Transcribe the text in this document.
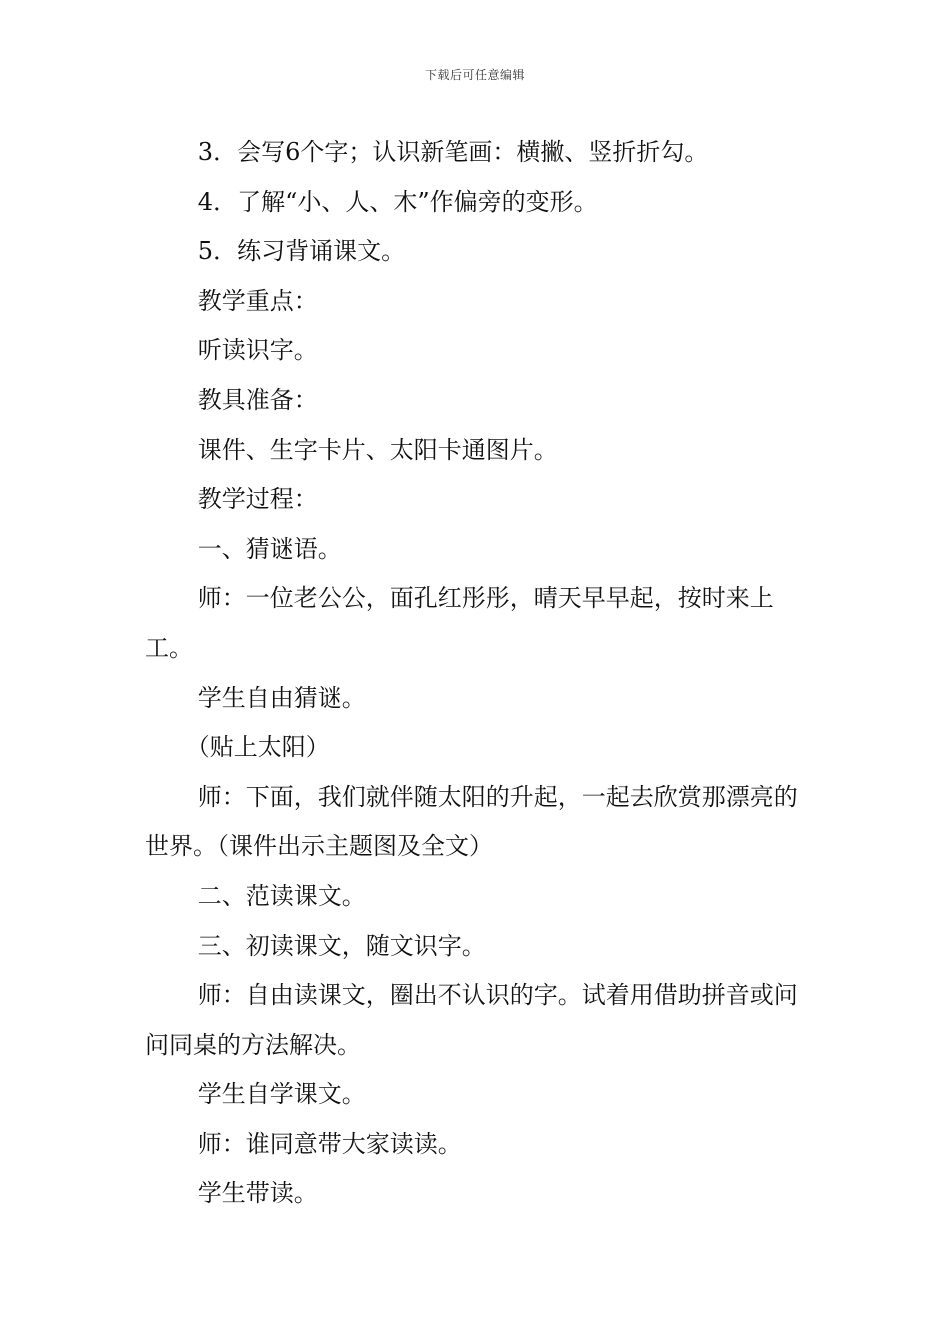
下载后可任意编辑

3．会写6个字；认识新笔画：横撇、竖折折勾。

4．了解“小、人、木”作偏旁的变形。

5．练习背诵课文。

教学重点：

听读识字。

教具准备：

课件、生字卡片、太阳卡通图片。

教学过程：

一、猜谜语。

师：一位老公公，面孔红彤彤，晴天早早起，按时来上工。

学生自由猜谜。

（贴上太阳）

师：下面，我们就伴随太阳的升起，一起去欣赏那漂亮的世界。（课件出示主题图及全文）

二、范读课文。

三、初读课文，随文识字。

师：自由读课文，圈出不认识的字。试着用借助拼音或问问同桌的方法解决。

学生自学课文。

师：谁同意带大家读读。

学生带读。
